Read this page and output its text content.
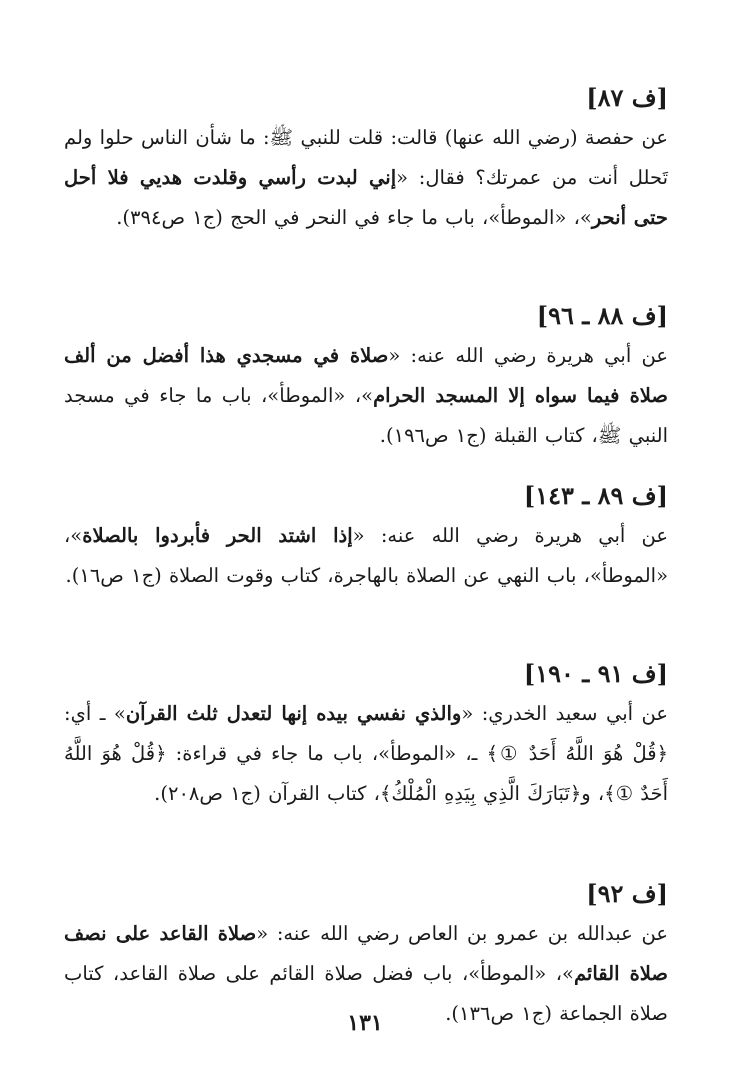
[ف ٨٧]

عن حفصة (رضي الله عنها) قالت: قلت للنبي ﷺ: ما شأن الناس حلوا ولم تَحلل أنت من عمرتك؟ فقال: «إني لبدت رأسي وقلدت هديي فلا أحل حتى أنحر»، «الموطأ»، باب ما جاء في النحر في الحج (ج١ ص٣٩٤).

[ف ٨٨ ـ ٩٦]

عن أبي هريرة رضي الله عنه: «صلاة في مسجدي هذا أفضل من ألف صلاة فيما سواه إلا المسجد الحرام»، «الموطأ»، باب ما جاء في مسجد النبي ﷺ، كتاب القبلة (ج١ ص١٩٦).

[ف ٨٩ ـ ١٤٣]

عن أبي هريرة رضي الله عنه: «إذا اشتد الحر فأبردوا بالصلاة»، «الموطأ»، باب النهي عن الصلاة بالهاجرة، كتاب وقوت الصلاة (ج١ ص١٦).

[ف ٩١ ـ ١٩٠]

عن أبي سعيد الخدري: «والذي نفسي بيده إنها لتعدل ثلث القرآن» ـ أي: ﴿قُلْ هُوَ اللَّهُ أَحَدٌ ①﴾ ـ، «الموطأ»، باب ما جاء في قراءة: ﴿قُلْ هُوَ اللَّهُ أَحَدٌ ①﴾، و﴿تَبَارَكَ الَّذِي بِيَدِهِ الْمُلْكُ﴾، كتاب القرآن (ج١ ص٢٠٨).

[ف ٩٢]

عن عبدالله بن عمرو بن العاص رضي الله عنه: «صلاة القاعد على نصف صلاة القائم»، «الموطأ»، باب فضل صلاة القائم على صلاة القاعد، كتاب صلاة الجماعة (ج١ ص١٣٦).

١٣١
